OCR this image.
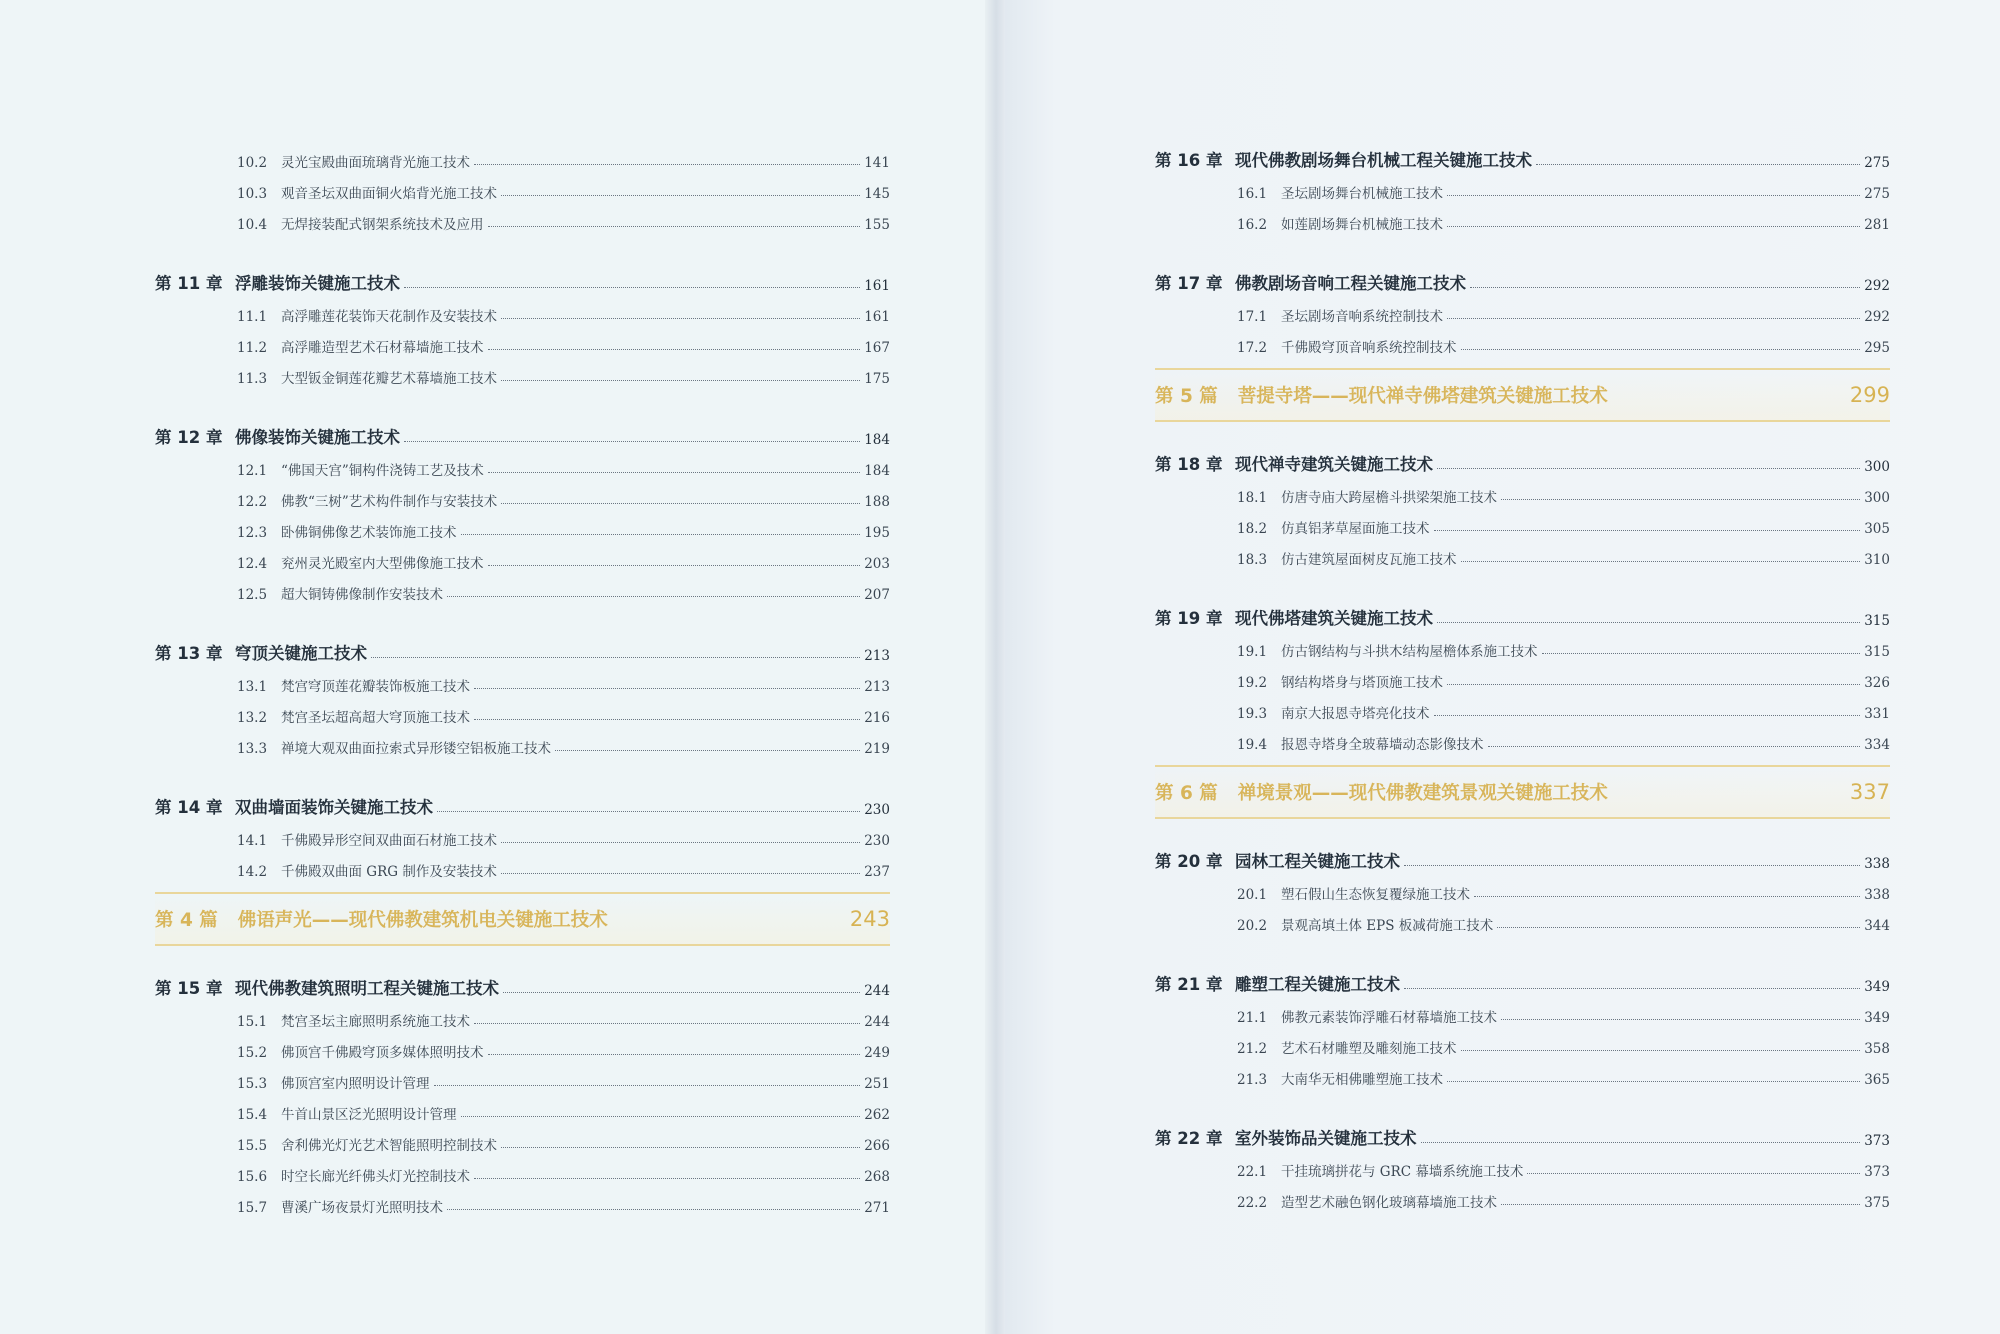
10.2	灵光宝殿曲面琉璃背光施工技术	141
10.3	观音圣坛双曲面铜火焰背光施工技术	145
10.4	无焊接装配式钢架系统技术及应用	155
第 11 章 浮雕装饰关键施工技术	161
11.1	高浮雕莲花装饰天花制作及安装技术	161
11.2	高浮雕造型艺术石材幕墙施工技术	167
11.3	大型钣金铜莲花瓣艺术幕墙施工技术	175
第 12 章 佛像装饰关键施工技术	184
12.1	“佛国天宫”铜构件浇铸工艺及技术	184
12.2	佛教“三树”艺术构件制作与安装技术	188
12.3	卧佛铜佛像艺术装饰施工技术	195
12.4	兖州灵光殿室内大型佛像施工技术	203
12.5	超大铜铸佛像制作安装技术	207
第 13 章 穹顶关键施工技术	213
13.1	梵宫穹顶莲花瓣装饰板施工技术	213
13.2	梵宫圣坛超高超大穹顶施工技术	216
13.3	禅境大观双曲面拉索式异形镂空铝板施工技术	219
第 14 章 双曲墙面装饰关键施工技术	230
14.1	千佛殿异形空间双曲面石材施工技术	230
14.2	千佛殿双曲面 GRG 制作及安装技术	237
第 4 篇 佛语声光——现代佛教建筑机电关键施工技术	243
第 15 章 现代佛教建筑照明工程关键施工技术	244
15.1	梵宫圣坛主廊照明系统施工技术	244
15.2	佛顶宫千佛殿穹顶多媒体照明技术	249
15.3	佛顶宫室内照明设计管理	251
15.4	牛首山景区泛光照明设计管理	262
15.5	舍利佛光灯光艺术智能照明控制技术	266
15.6	时空长廊光纤佛头灯光控制技术	268
15.7	曹溪广场夜景灯光照明技术	271
第 16 章 现代佛教剧场舞台机械工程关键施工技术	275
16.1	圣坛剧场舞台机械施工技术	275
16.2	如莲剧场舞台机械施工技术	281
第 17 章 佛教剧场音响工程关键施工技术	292
17.1	圣坛剧场音响系统控制技术	292
17.2	千佛殿穹顶音响系统控制技术	295
第 5 篇 菩提寺塔——现代禅寺佛塔建筑关键施工技术	299
第 18 章 现代禅寺建筑关键施工技术	300
18.1	仿唐寺庙大跨屋檐斗拱梁架施工技术	300
18.2	仿真铝茅草屋面施工技术	305
18.3	仿古建筑屋面树皮瓦施工技术	310
第 19 章 现代佛塔建筑关键施工技术	315
19.1	仿古钢结构与斗拱木结构屋檐体系施工技术	315
19.2	钢结构塔身与塔顶施工技术	326
19.3	南京大报恩寺塔亮化技术	331
19.4	报恩寺塔身全玻幕墙动态影像技术	334
第 6 篇 禅境景观——现代佛教建筑景观关键施工技术	337
第 20 章 园林工程关键施工技术	338
20.1	塑石假山生态恢复覆绿施工技术	338
20.2	景观高填土体 EPS 板减荷施工技术	344
第 21 章 雕塑工程关键施工技术	349
21.1	佛教元素装饰浮雕石材幕墙施工技术	349
21.2	艺术石材雕塑及雕刻施工技术	358
21.3	大南华无相佛雕塑施工技术	365
第 22 章 室外装饰品关键施工技术	373
22.1	干挂琉璃拼花与 GRC 幕墙系统施工技术	373
22.2	造型艺术融色钢化玻璃幕墙施工技术	375
